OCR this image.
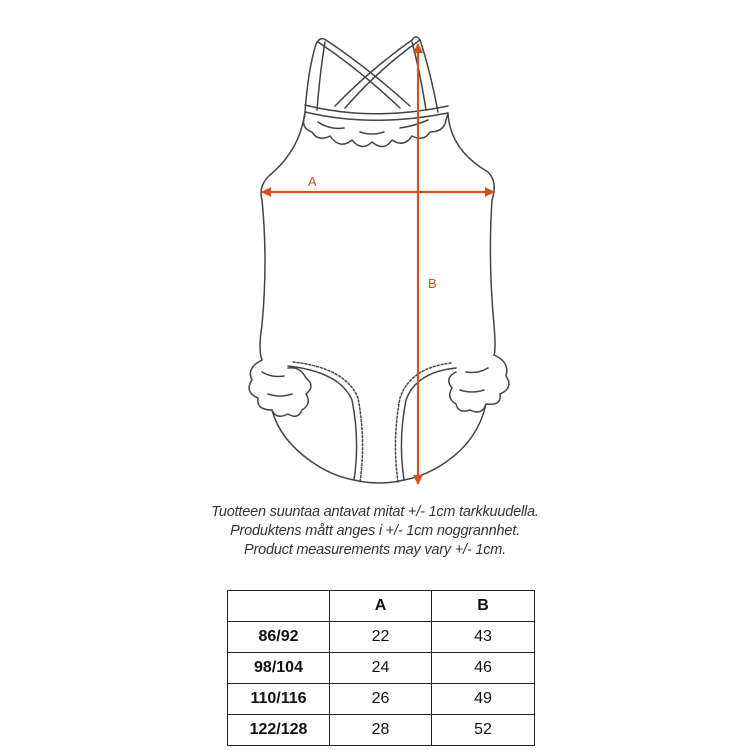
A
B
Tuotteen suuntaa antavat mitat +/- 1cm tarkkuudella.
Produktens mått anges i +/- 1cm noggrannhet.
Product measurements may vary +/- 1cm.
	A	B
86/92	22	43
98/104	24	46
110/116	26	49
122/128	28	52
